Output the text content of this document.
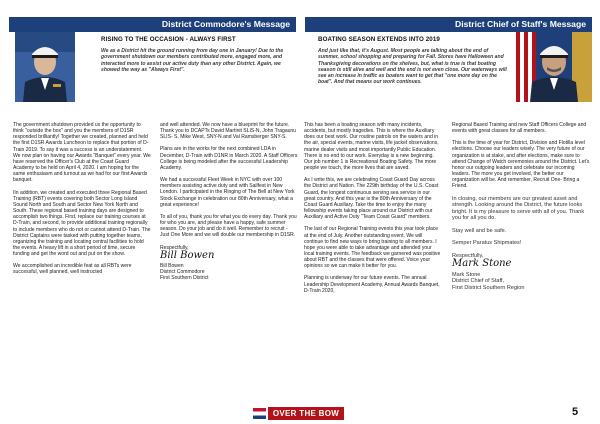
District Commodore's Message	District Chief of Staff's Message
RISING TO THE OCCASION - ALWAYS FIRST

We as a District hit the ground running from day one in January! Due to the government shutdown our members contributed more, engaged more, and interacted more to assist our active duty than any other District. Again, we showed the way as "Always First".

BOATING SEASON EXTENDS INTO 2019

And just like that, it's August. Most people are talking about the end of summer, school shopping and preparing for Fall. Stores have Halloween and Thanksgiving decorations on the shelves, but, what is true is that boating season is still alive and well and the end is not even close. Our waterways will see an increase in traffic as boaters want to get that "one more day on the boat". And that means our work continues.

The government shutdown provided us the opportunity to think "outside the box" and you the members of D1SR responded brilliantly! Together we created, planned and held the first D1SR Awards Luncheon to replace that portion of D-Train 2019. To say it was a success is an understatement. We now plan on having our Awards "Banquet" every year. We have reserved the Officer's Club at the Coast Guard Academy to be held on April 4, 2020. I am hoping for the same enthusiasm and turnout as we had for our first Awards banquet.

IIn addition, we created and executed three Regional Based Training (RBT) events covering both Sector Long Island Sound North and South and Sector New York North and South. These regional based training days are designed to accomplish two things. First, replace our training courses at D-Train, and second, to provide additional training regionally to include members who do not or cannot attend D-Train. The District Captains were tasked with putting together teams, organizing the training and locating central facilities to hold the events. A heavy lift in a short period of time, secure funding and get the word out and put on the show.

We accomplished an incredible feat as all RBTs were successful, well planned, well instructed

and well attended. We now have a blueprint for the future. Thank you to DCAPTs David Martinit SLIS-N, John Tragaunu SLIS- S, Mike West, SNY-N and Val Ramsberger SNY-S.

Plans are in the works for the next combined LDA in December, D-Train with D1NR in March 2020. A Staff Officers College is being modeled after the successful Leadership Academy.

We had a successful Fleet Week in NYC with over 100 members assisting active duty and with Sailfest in New London. I participated in the Ringing of The Bell at New York Stock Exchange in celebration our 80th Anniversary, what a great experience!

To all of you, thank you for what you do every day. Thank you for who you are, and please have a happy, safe summer season. Do your job and do it well. Remember to recruit - Just One More and we will double our membership in D1SR.

Respectfully,
Bill Bowen
Bill Bowen
District Commodore
First Southern District

This has been a boating season with many incidents, accidents, but mostly tragedies. This is where the Auxiliary does our best work. Our routine patrols on the waters and in the air, special events, marine visits, life jacket observations, marine dealer visits and most importantly Public Education. There is no end to our work. Everyday is a new beginning. Our job number 1 is Recreational Boating Safety. The more people we touch, the more lives that are saved.

As I write this, we are celebrating Coast Guard Day across the District and Nation. The 229th birthday of the U.S. Coast Guard, the longest continuous serving sea service in our great country. And this year is the 80th Anniversary of the Coast Guard Auxiliary. Take the time to enjoy the many fellowship events taking place around our District with our Auxiliary and Active Duty "Team Coast Guard" members.

The last of our Regional Training events this year took place at the end of July. Another outstanding event. We will continue to find new ways to bring training to all members. I hope you were able to take advantage and attended your local training events. The feedback we garnered was positive about RBT and the classes that were offered. Voice your opinions so we can make it better for you.

Planning is underway for our future events. The annual Leadership Development Academy, Annual Awards Banquet, D-Train 2020,

Regional Based Training and new Staff Officers College and events with great classes for all members.

This is the time of year for District, Division and Flotilla level elections. Choose our leaders wisely. The very future of our organization is at stake, and after elections, make sure to attend Change of Watch ceremonies around the District. Let's honor our outgoing leaders and celebrate our incoming leaders. The more you get involved, the better our organization will be. And remember, Recruit One- Bring a Friend.

In closing, our members are our greatest asset and strength. Looking around the District, the future looks bright. It is my pleasure to serve with all of you. Thank you for all you do.

Stay well and be safe.

Semper Paratus Shipmates!

Respectfully,
Mark Stone
Mark Stone
District Chief of Staff,
First District Southern Region
OVER THE BOW	5
